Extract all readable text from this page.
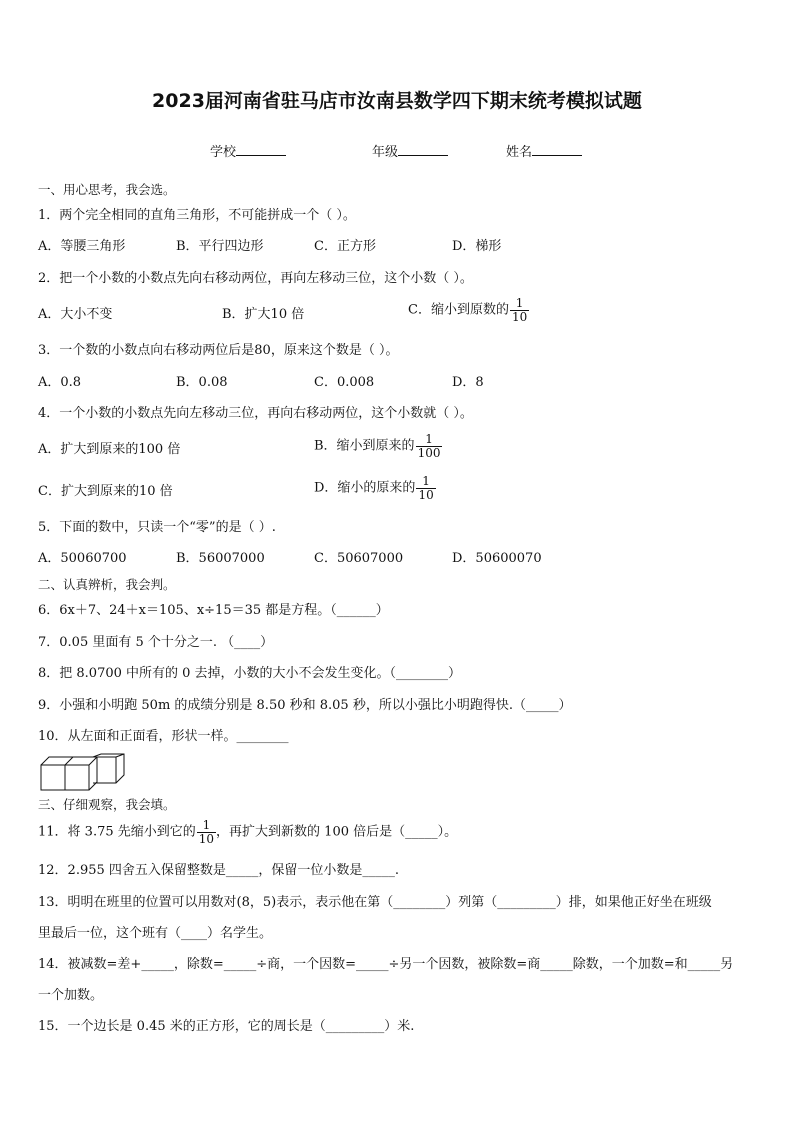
2023届河南省驻马店市汝南县数学四下期末统考模拟试题
学校	年级	姓名
一、用心思考，我会选。
1．两个完全相同的直角三角形，不可能拼成一个（ ）。
A．等腰三角形	B．平行四边形	C．正方形	D．梯形
2．把一个小数的小数点先向右移动两位，再向左移动三位，这个小数（ ）。
A．大小不变	B．扩大10 倍	C．缩小到原数的 $\frac{1}{10}$
3．一个数的小数点向右移动两位后是80，原来这个数是（ ）。
A．0.8	B．0.08	C．0.008	D．8
4．一个小数的小数点先向左移动三位，再向右移动两位，这个小数就（ ）。
A．扩大到原来的100 倍	B．缩小到原来的 $\frac{1}{100}$
C．扩大到原来的10 倍	D．缩小的原来的 $\frac{1}{10}$
5．下面的数中，只读一个“零”的是（ ）.
A．50060700	B．56007000	C．50607000	D．50600070
二、认真辨析，我会判。
6．6x＋7、24＋x＝105、x÷15＝35 都是方程。（______）
7．0.05 里面有 5 个十分之一. （____）
8．把 8.0700 中所有的 0 去掉，小数的大小不会发生变化。（________）
9．小强和小明跑 50m 的成绩分别是 8.50 秒和 8.05 秒，所以小强比小明跑得快.（_____）
10．从左面和正面看，形状一样。________
三、仔细观察，我会填。
11．将 3.75 先缩小到它的 $\frac{1}{10}$ ，再扩大到新数的 100 倍后是（_____）。
12．2.955 四舍五入保留整数是_____，保留一位小数是_____.
13．明明在班里的位置可以用数对(8，5)表示，表示他在第（________）列第（_________）排，如果他正好坐在班级
里最后一位，这个班有（____）名学生。
14．被减数=差+_____，除数=_____÷商，一个因数=_____÷另一个因数，被除数=商_____除数，一个加数=和_____另
一个加数。
15．一个边长是 0.45 米的正方形，它的周长是（_________）米.
